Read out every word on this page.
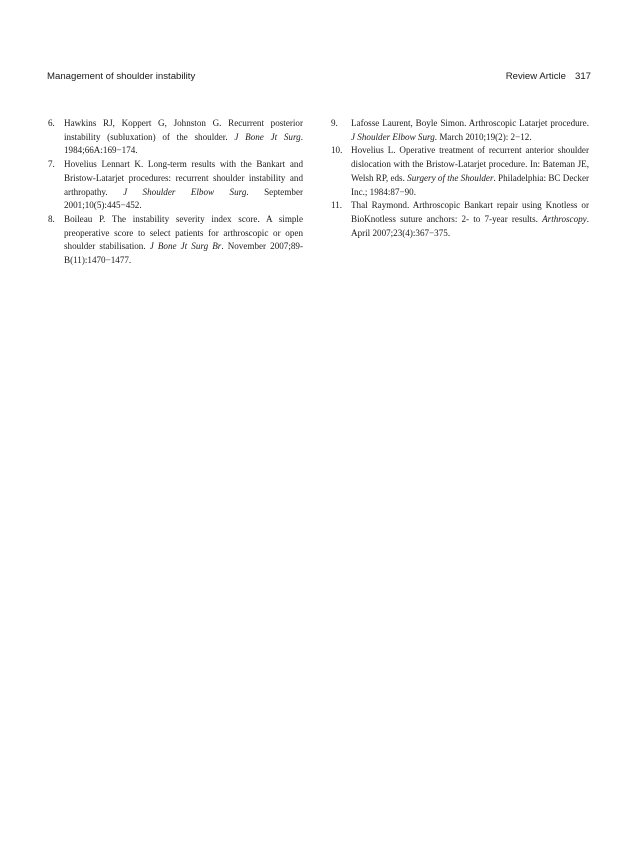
Management of shoulder instability	Review Article 317
6. Hawkins RJ, Koppert G, Johnston G. Recurrent posterior instability (subluxation) of the shoulder. J Bone Jt Surg. 1984;66A:169−174.
7. Hovelius Lennart K. Long-term results with the Bankart and Bristow-Latarjet procedures: recurrent shoulder instability and arthropathy. J Shoulder Elbow Surg. September 2001;10(5):445−452.
8. Boileau P. The instability severity index score. A simple preoperative score to select patients for arthroscopic or open shoulder stabilisation. J Bone Jt Surg Br. November 2007;89-B(11):1470−1477.
9. Lafosse Laurent, Boyle Simon. Arthroscopic Latarjet procedure. J Shoulder Elbow Surg. March 2010;19(2): 2−12.
10. Hovelius L. Operative treatment of recurrent anterior shoulder dislocation with the Bristow-Latarjet procedure. In: Bateman JE, Welsh RP, eds. Surgery of the Shoulder. Philadelphia: BC Decker Inc.; 1984:87−90.
11. Thal Raymond. Arthroscopic Bankart repair using Knotless or BioKnotless suture anchors: 2- to 7-year results. Arthroscopy. April 2007;23(4):367−375.
